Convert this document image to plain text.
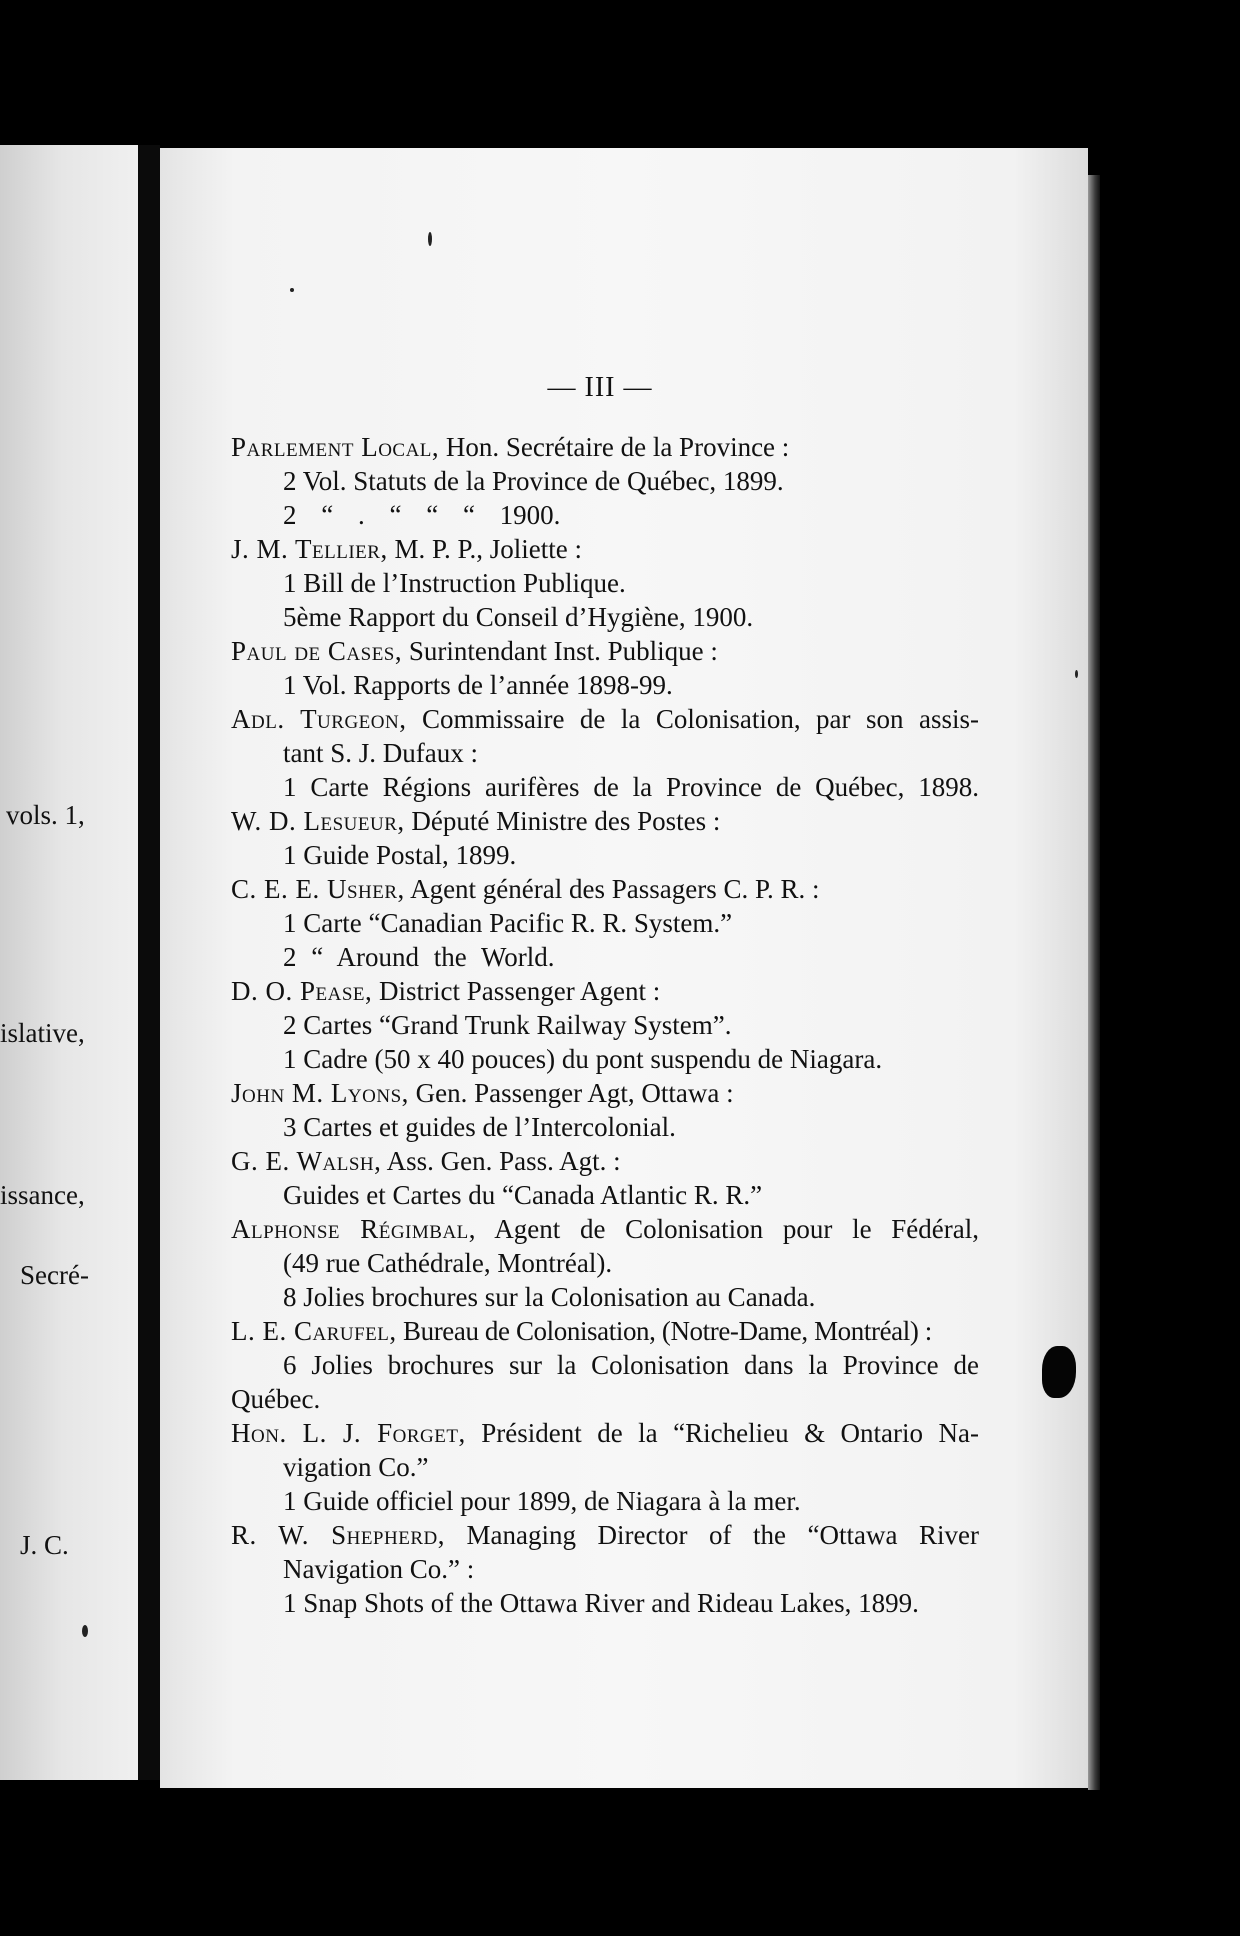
vols. 1,
islative,
issance,
Secré-
J. C.
— III —
Parlement Local, Hon. Secrétaire de la Province :
2 Vol. Statuts de la Province de Québec, 1899.
2 “ . “ “ “ 1900.
J. M. Tellier, M. P. P., Joliette :
1 Bill de l’Instruction Publique.
5ème Rapport du Conseil d’Hygiène, 1900.
Paul de Cases, Surintendant Inst. Publique :
1 Vol. Rapports de l’année 1898-99.
Adl. Turgeon, Commissaire de la Colonisation, par son assis-
tant S. J. Dufaux :
1 Carte Régions aurifères de la Province de Québec, 1898.
W. D. Lesueur, Député Ministre des Postes :
1 Guide Postal, 1899.
C. E. E. Usher, Agent général des Passagers C. P. R. :
1 Carte “Canadian Pacific R. R. System.”
2 “ Around the World.
D. O. Pease, District Passenger Agent :
2 Cartes “Grand Trunk Railway System”.
1 Cadre (50 x 40 pouces) du pont suspendu de Niagara.
John M. Lyons, Gen. Passenger Agt, Ottawa :
3 Cartes et guides de l’Intercolonial.
G. E. Walsh, Ass. Gen. Pass. Agt. :
Guides et Cartes du “Canada Atlantic R. R.”
Alphonse Régimbal, Agent de Colonisation pour le Fédéral,
(49 rue Cathédrale, Montréal).
8 Jolies brochures sur la Colonisation au Canada.
L. E. Carufel, Bureau de Colonisation, (Notre-Dame, Montréal) :
6 Jolies brochures sur la Colonisation dans la Province de
Québec.
Hon. L. J. Forget, Président de la “Richelieu & Ontario Na-
vigation Co.”
1 Guide officiel pour 1899, de Niagara à la mer.
R. W. Shepherd, Managing Director of the “Ottawa River
Navigation Co.” :
1 Snap Shots of the Ottawa River and Rideau Lakes, 1899.
